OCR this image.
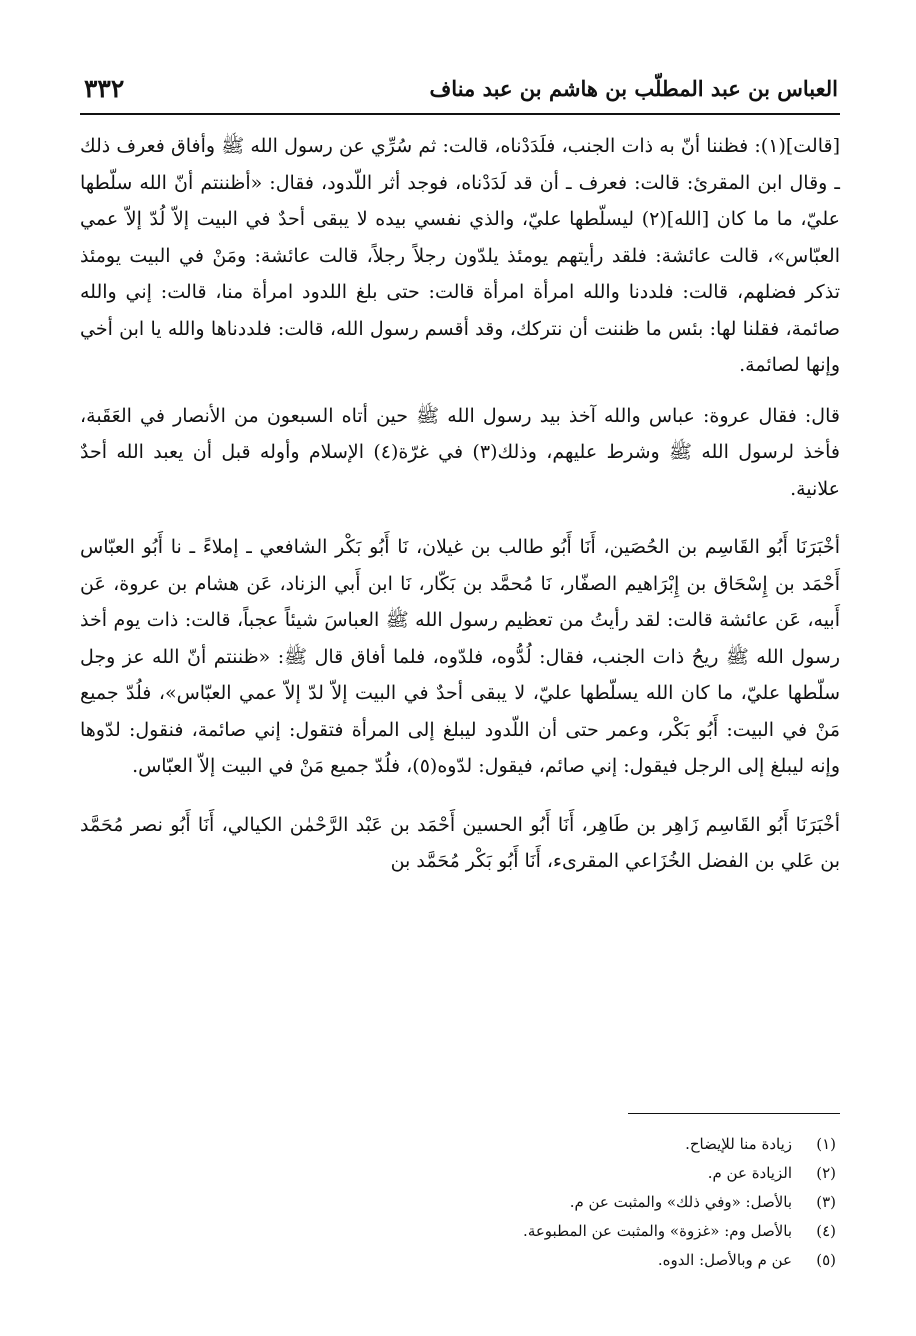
العباس بن عبد المطلّب بن هاشم بن عبد مناف
٣٣٢

[قالت](١): فظننا أنّ به ذات الجنب، فلَدَدْناه، قالت: ثم سُرِّي عن رسول الله ﷺ وأفاق فعرف ذلك ـ وقال ابن المقرئ: قالت: فعرف ـ أن قد لَدَدْناه، فوجد أثر اللّدود، فقال: «أظننتم أنّ الله سلّطها عليّ، ما ما كان [الله](٢) ليسلّطها عليّ، والذي نفسي بيده لا يبقى أحدٌ في البيت إلاّ لُدّ إلاّ عمي العبّاس»، قالت عائشة: فلقد رأيتهم يومئذ يلدّون رجلاً رجلاً، قالت عائشة: ومَنْ في البيت يومئذ تذكر فضلهم، قالت: فلددنا والله امرأة امرأة قالت: حتى بلغ اللدود امرأة منا، قالت: إني والله صائمة، فقلنا لها: بئس ما ظننت أن نتركك، وقد أقسم رسول الله، قالت: فلددناها والله يا ابن أخي وإنها لصائمة.

قال: فقال عروة: عباس والله آخذ بيد رسول الله ﷺ حين أتاه السبعون من الأنصار في العَقَبة، فأخذ لرسول الله ﷺ وشرط عليهم، وذلك(٣) في غرّة(٤) الإسلام وأوله قبل أن يعبد الله أحدٌ علانية.

أخْبَرَنَا أَبُو القَاسِم بن الحُصَين، أَنَا أَبُو طالب بن غيلان، نَا أَبُو بَكْر الشافعي ـ إملاءً ـ نا أَبُو العبّاس أَحْمَد بن إِسْحَاق بن إِبْرَاهيم الصفّار، نَا مُحمَّد بن بَكّار، نَا ابن أَبي الزناد، عَن هشام بن عروة، عَن أَبيه، عَن عائشة قالت: لقد رأيتُ من تعظيم رسول الله ﷺ العباسَ شيئاً عجباً، قالت: ذات يوم أخذ رسول الله ﷺ ريحُ ذات الجنب، فقال: لُدُّوه، فلدّوه، فلما أفاق قال ﷺ: «ظننتم أنّ الله عز وجل سلّطها عليّ، ما كان الله يسلّطها عليّ، لا يبقى أحدٌ في البيت إلاّ لدّ إلاّ عمي العبّاس»، فلُدّ جميع مَنْ في البيت: أَبُو بَكْر، وعمر حتى أن اللّدود ليبلغ إلى المرأة فتقول: إني صائمة، فنقول: لدّوها وإنه ليبلغ إلى الرجل فيقول: إني صائم، فيقول: لدّوه(٥)، فلُدّ جميع مَنْ في البيت إلاّ العبّاس.

أخْبَرَنَا أَبُو القَاسِم زَاهِر بن طَاهِر، أَنَا أَبُو الحسين أَحْمَد بن عَبْد الرَّحْمٰن الكيالي، أَنَا أَبُو نصر مُحَمَّد بن عَلي بن الفضل الخُزَاعي المقرىء، أَنَا أَبُو بَكْر مُحَمَّد بن

(١)
زيادة منا للإيضاح.
(٢)
الزيادة عن م.
(٣)
بالأصل: «وفي ذلك» والمثبت عن م.
(٤)
بالأصل وم: «غزوة» والمثبت عن المطبوعة.
(٥)
عن م وبالأصل: الدوه.
